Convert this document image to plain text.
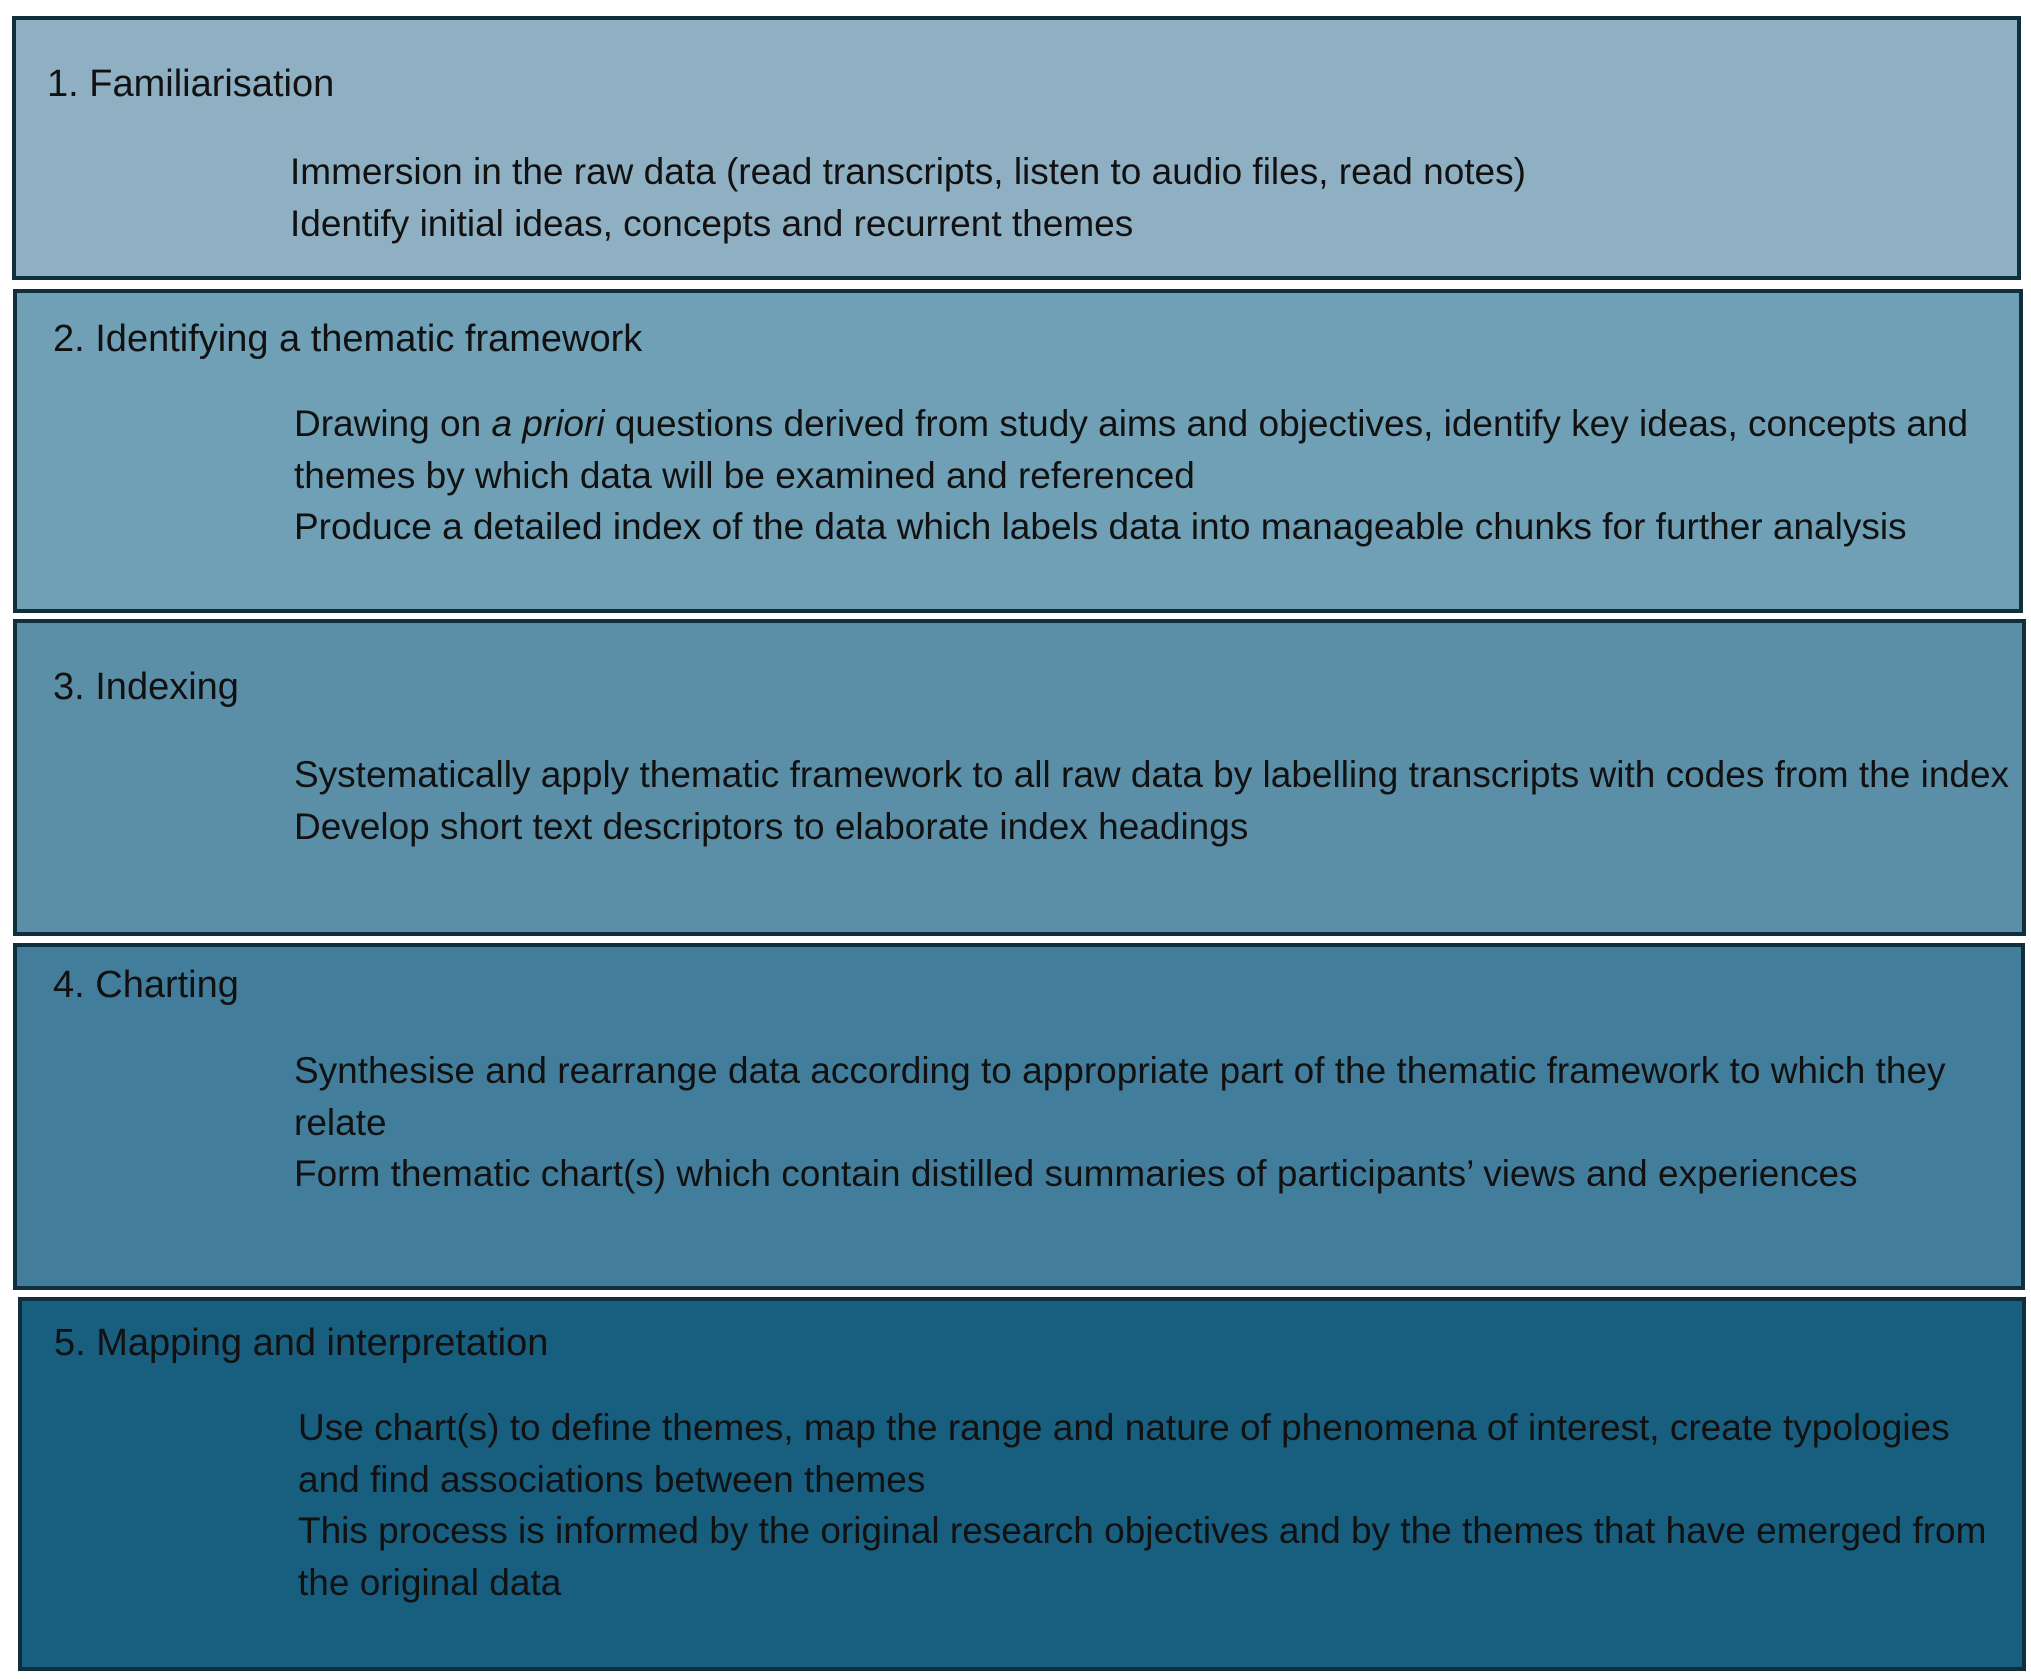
1. Familiarisation

Immersion in the raw data (read transcripts, listen to audio files, read notes)

Identify initial ideas, concepts and recurrent themes

2. Identifying a thematic framework

Drawing on a priori questions derived from study aims and objectives, identify key ideas, concepts and themes by which data will be examined and referenced

Produce a detailed index of the data which labels data into manageable chunks for further analysis

3. Indexing

Systematically apply thematic framework to all raw data by labelling transcripts with codes from the index

Develop short text descriptors to elaborate index headings

4. Charting

Synthesise and rearrange data according to appropriate part of the thematic framework to which they relate

Form thematic chart(s) which contain distilled summaries of participants’ views and experiences

5. Mapping and interpretation

Use chart(s) to define themes, map the range and nature of phenomena of interest, create typologies and find associations between themes

This process is informed by the original research objectives and by the themes that have emerged from the original data
